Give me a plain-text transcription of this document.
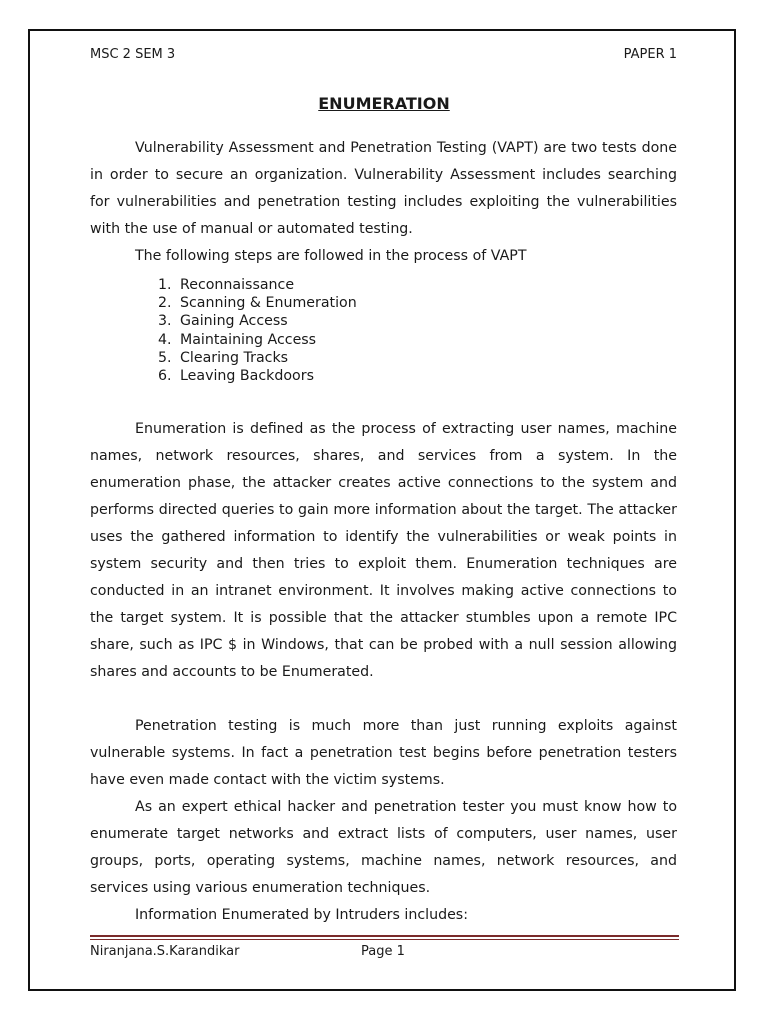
MSC 2 SEM 3	PAPER 1
ENUMERATION

Vulnerability Assessment and Penetration Testing (VAPT) are two tests done in order to secure an organization. Vulnerability Assessment includes searching for vulnerabilities and penetration testing includes exploiting the vulnerabilities with the use of manual or automated testing.

The following steps are followed in the process of VAPT

1. Reconnaissance
2. Scanning & Enumeration
3. Gaining Access
4. Maintaining Access
5. Clearing Tracks
6. Leaving Backdoors

Enumeration is defined as the process of extracting user names, machine names, network resources, shares, and services from a system. In the enumeration phase, the attacker creates active connections to the system and performs directed queries to gain more information about the target. The attacker uses the gathered information to identify the vulnerabilities or weak points in system security and then tries to exploit them. Enumeration techniques are conducted in an intranet environment. It involves making active connections to the target system. It is possible that the attacker stumbles upon a remote IPC share, such as IPC $ in Windows, that can be probed with a null session allowing shares and accounts to be Enumerated.

Penetration testing is much more than just running exploits against vulnerable systems. In fact a penetration test begins before penetration testers have even made contact with the victim systems.

As an expert ethical hacker and penetration tester you must know how to enumerate target networks and extract lists of computers, user names, user groups, ports, operating systems, machine names, network resources, and services using various enumeration techniques.

Information Enumerated by Intruders includes:

Niranjana.S.Karandikar	Page 1
